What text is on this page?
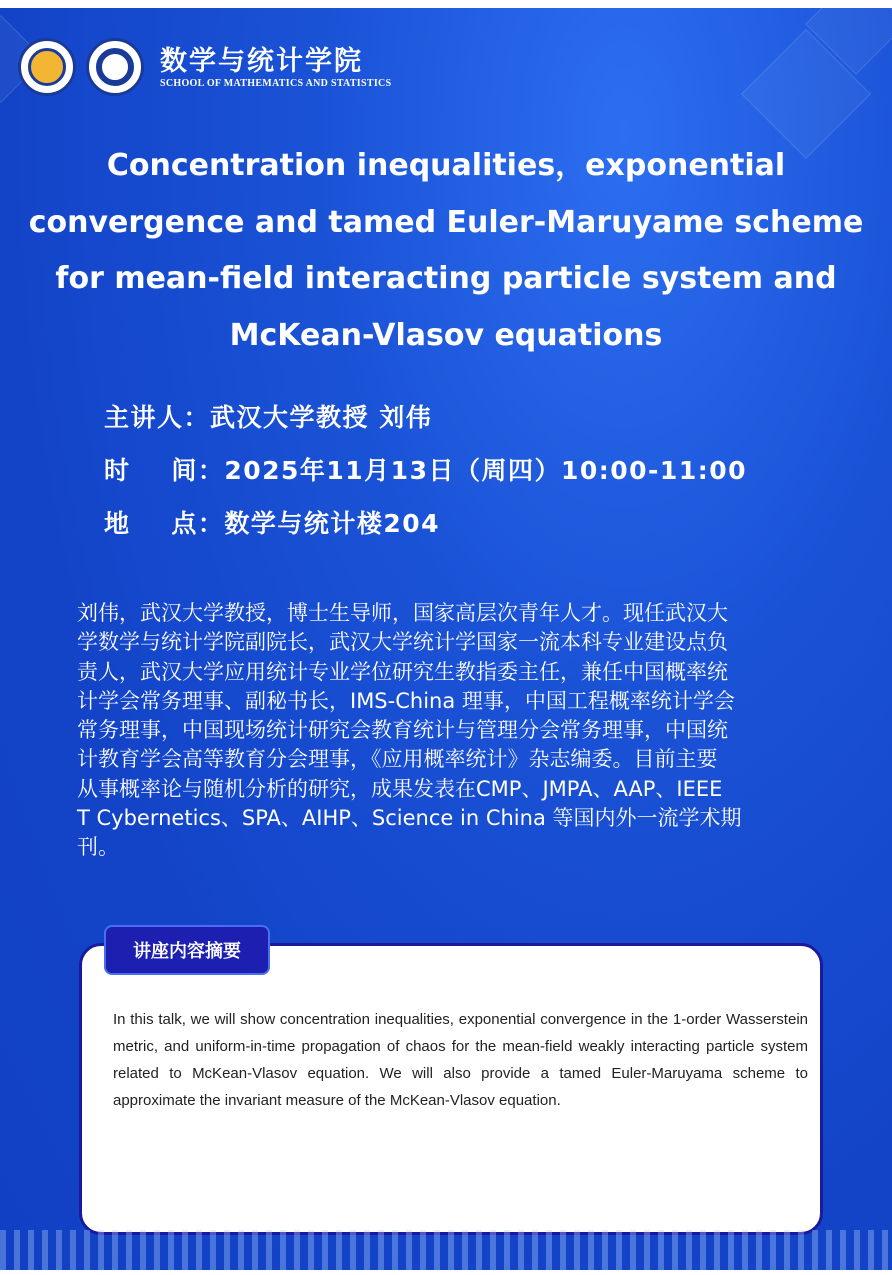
数学与统计学院
SCHOOL OF MATHEMATICS AND STATISTICS
Concentration inequalities，exponential
convergence and tamed Euler-Maruyame scheme
for mean-field interacting particle system and
McKean-Vlasov equations
主讲人：武汉大学教授 刘伟
时    间：2025年11月13日（周四）10:00-11:00
地    点：数学与统计楼204
刘伟，武汉大学教授，博士生导师，国家高层次青年人才。现任武汉大
学数学与统计学院副院长，武汉大学统计学国家一流本科专业建设点负
责人，武汉大学应用统计专业学位研究生教指委主任，兼任中国概率统
计学会常务理事、副秘书长，IMS-China 理事，中国工程概率统计学会
常务理事，中国现场统计研究会教育统计与管理分会常务理事，中国统
计教育学会高等教育分会理事，《应用概率统计》杂志编委。目前主要
从事概率论与随机分析的研究，成果发表在CMP、JMPA、AAP、IEEE
T Cybernetics、SPA、AIHP、Science in China 等国内外一流学术期
刊。
讲座内容摘要
In this talk, we will show concentration inequalities, exponential convergence in the 1-order Wasserstein metric, and uniform-in-time propagation of chaos for the mean-field weakly interacting particle system related to McKean-Vlasov equation. We will also provide a tamed Euler-Maruyama scheme to approximate the invariant measure of the McKean-Vlasov equation.
